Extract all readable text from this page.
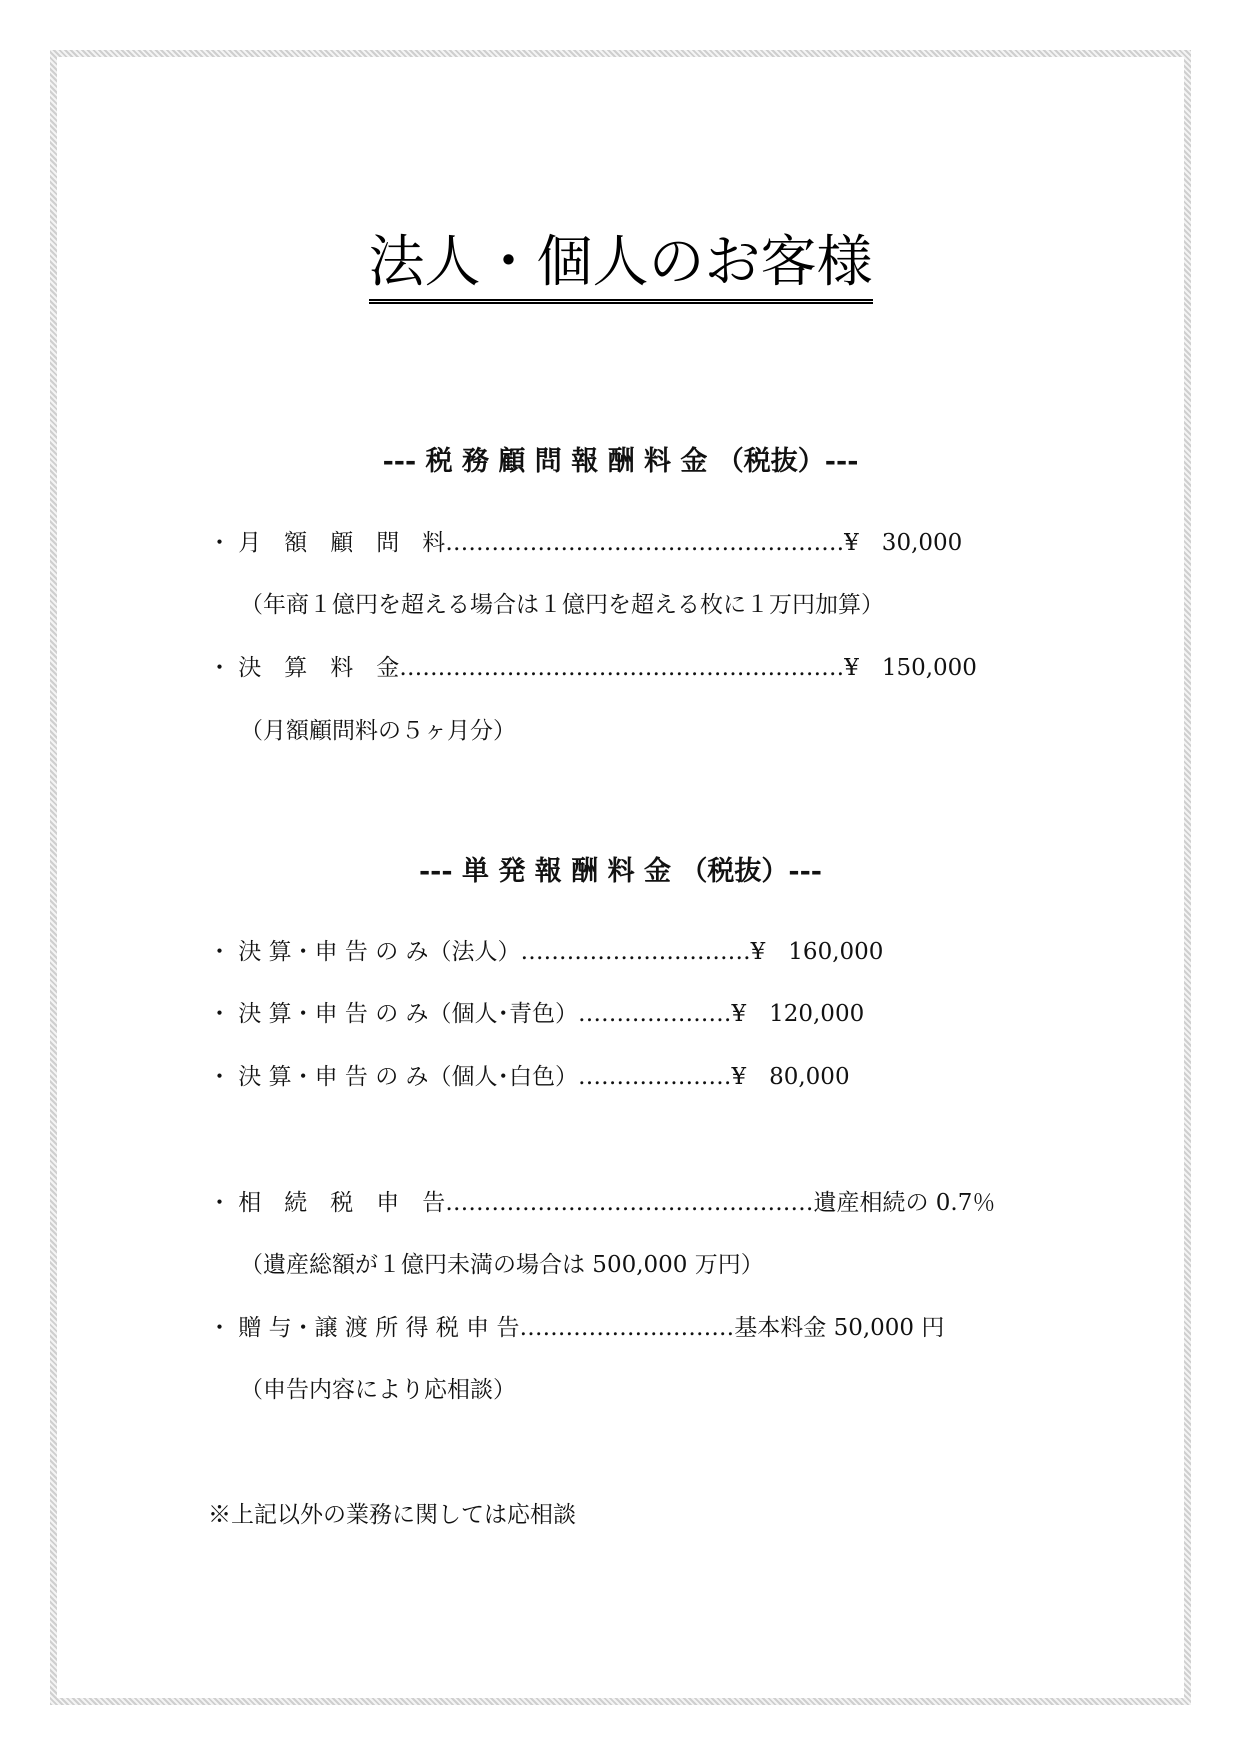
法人・個人のお客様
--- 税 務 顧 問 報 酬 料 金 （税抜）---
・ 月　額　顧　問　料‥‥‥‥‥‥‥‥‥‥‥‥‥‥‥‥‥‥‥‥‥‥‥‥‥‥¥　30,000
（年商１億円を超える場合は１億円を超える枚に１万円加算）
・ 決　算　料　金‥‥‥‥‥‥‥‥‥‥‥‥‥‥‥‥‥‥‥‥‥‥‥‥‥‥‥‥‥¥　150,000
（月額顧問料の５ヶ月分）
--- 単 発 報 酬 料 金 （税抜）---
・ 決 算・申 告 の み（法人）‥‥‥‥‥‥‥‥‥‥‥‥‥‥‥¥　160,000
・ 決 算・申 告 の み（個人･青色）‥‥‥‥‥‥‥‥‥‥¥　120,000
・ 決 算・申 告 の み（個人･白色）‥‥‥‥‥‥‥‥‥‥¥　80,000
・ 相　続　税　申　告‥‥‥‥‥‥‥‥‥‥‥‥‥‥‥‥‥‥‥‥‥‥‥‥遺産相続の 0.7％
（遺産総額が１億円未満の場合は 500,000 万円）
・ 贈 与・譲 渡 所 得 税 申 告‥‥‥‥‥‥‥‥‥‥‥‥‥‥基本料金 50,000 円
（申告内容により応相談）
※上記以外の業務に関しては応相談
